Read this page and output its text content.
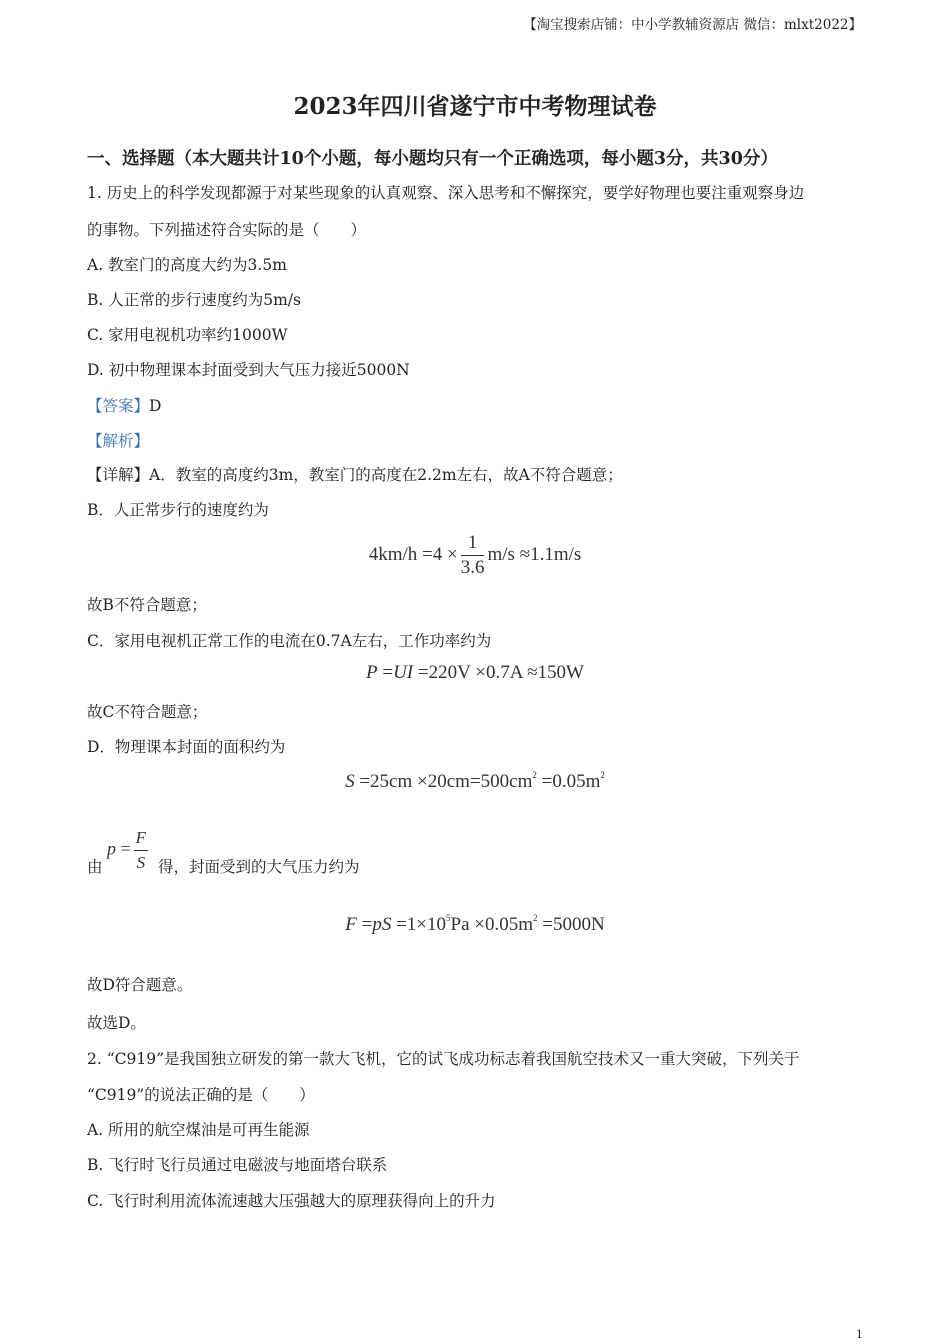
【淘宝搜索店铺：中小学教辅资源店 微信：mlxt2022】
2023年四川省遂宁市中考物理试卷
一、选择题（本大题共计10个小题，每小题均只有一个正确选项，每小题3分，共30分）
1. 历史上的科学发现都源于对某些现象的认真观察、深入思考和不懈探究，要学好物理也要注重观察身边
的事物。下列描述符合实际的是（　　）
A. 教室门的高度大约为3.5m
B. 人正常的步行速度约为5m/s
C. 家用电视机功率约1000W
D. 初中物理课本封面受到大气压力接近5000N
【答案】D
【解析】
【详解】A．教室的高度约3m，教室门的高度在2.2m左右，故A不符合题意；
B．人正常步行的速度约为
$4km/h =4 \times \frac{1}{3.6} m/s \approx 1.1m/s$
故B不符合题意；
C．家用电视机正常工作的电流在0.7A左右，工作功率约为
P =UI =220V ×0.7A ≈150W
故C不符合题意；
D．物理课本封面的面积约为
$S =25cm \times 20cm=500cm^2 =0.05m^2$
由
$p = \frac{F}{S}$ 得，封面受到的大气压力约为
$F =pS =1\times 10^5Pa \times 0.05m^2 =5000N$
故D符合题意。
故选D。
2. “C919”是我国独立研发的第一款大飞机，它的试飞成功标志着我国航空技术又一重大突破，下列关于
“C919”的说法正确的是（　　）
A. 所用的航空煤油是可再生能源
B. 飞行时飞行员通过电磁波与地面塔台联系
C. 飞行时利用流体流速越大压强越大的原理获得向上的升力
1
